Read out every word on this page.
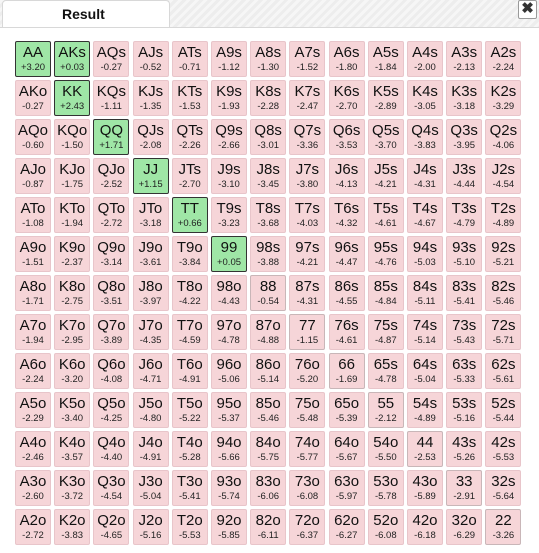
Result	✖
AA
+3.20
AKs
+0.03
AQs
-0.27
AJs
-0.52
ATs
-0.71
A9s
-1.12
A8s
-1.30
A7s
-1.52
A6s
-1.80
A5s
-1.84
A4s
-2.00
A3s
-2.13
A2s
-2.24
AKo
-0.27
KK
+2.43
KQs
-1.11
KJs
-1.35
KTs
-1.53
K9s
-1.93
K8s
-2.28
K7s
-2.47
K6s
-2.70
K5s
-2.89
K4s
-3.05
K3s
-3.18
K2s
-3.29
AQo
-0.60
KQo
-1.50
QQ
+1.71
QJs
-2.08
QTs
-2.26
Q9s
-2.66
Q8s
-3.01
Q7s
-3.36
Q6s
-3.53
Q5s
-3.70
Q4s
-3.83
Q3s
-3.95
Q2s
-4.06
AJo
-0.87
KJo
-1.75
QJo
-2.52
JJ
+1.15
JTs
-2.70
J9s
-3.10
J8s
-3.45
J7s
-3.80
J6s
-4.13
J5s
-4.21
J4s
-4.31
J3s
-4.44
J2s
-4.54
ATo
-1.08
KTo
-1.94
QTo
-2.72
JTo
-3.18
TT
+0.66
T9s
-3.23
T8s
-3.68
T7s
-4.03
T6s
-4.32
T5s
-4.61
T4s
-4.67
T3s
-4.79
T2s
-4.89
A9o
-1.51
K9o
-2.37
Q9o
-3.14
J9o
-3.61
T9o
-3.84
99
+0.05
98s
-3.88
97s
-4.21
96s
-4.47
95s
-4.76
94s
-5.03
93s
-5.10
92s
-5.21
A8o
-1.71
K8o
-2.75
Q8o
-3.51
J8o
-3.97
T8o
-4.22
98o
-4.43
88
-0.54
87s
-4.31
86s
-4.55
85s
-4.84
84s
-5.11
83s
-5.41
82s
-5.46
A7o
-1.94
K7o
-2.95
Q7o
-3.89
J7o
-4.35
T7o
-4.59
97o
-4.78
87o
-4.88
77
-1.15
76s
-4.61
75s
-4.87
74s
-5.14
73s
-5.43
72s
-5.71
A6o
-2.24
K6o
-3.20
Q6o
-4.08
J6o
-4.71
T6o
-4.91
96o
-5.06
86o
-5.14
76o
-5.20
66
-1.69
65s
-4.78
64s
-5.04
63s
-5.33
62s
-5.61
A5o
-2.29
K5o
-3.40
Q5o
-4.25
J5o
-4.80
T5o
-5.22
95o
-5.37
85o
-5.46
75o
-5.48
65o
-5.39
55
-2.12
54s
-4.89
53s
-5.16
52s
-5.44
A4o
-2.46
K4o
-3.57
Q4o
-4.40
J4o
-4.91
T4o
-5.28
94o
-5.66
84o
-5.75
74o
-5.77
64o
-5.67
54o
-5.50
44
-2.53
43s
-5.26
42s
-5.53
A3o
-2.60
K3o
-3.72
Q3o
-4.54
J3o
-5.04
T3o
-5.41
93o
-5.74
83o
-6.06
73o
-6.08
63o
-5.97
53o
-5.78
43o
-5.89
33
-2.91
32s
-5.64
A2o
-2.72
K2o
-3.83
Q2o
-4.65
J2o
-5.16
T2o
-5.53
92o
-5.85
82o
-6.11
72o
-6.37
62o
-6.27
52o
-6.08
42o
-6.18
32o
-6.29
22
-3.26
